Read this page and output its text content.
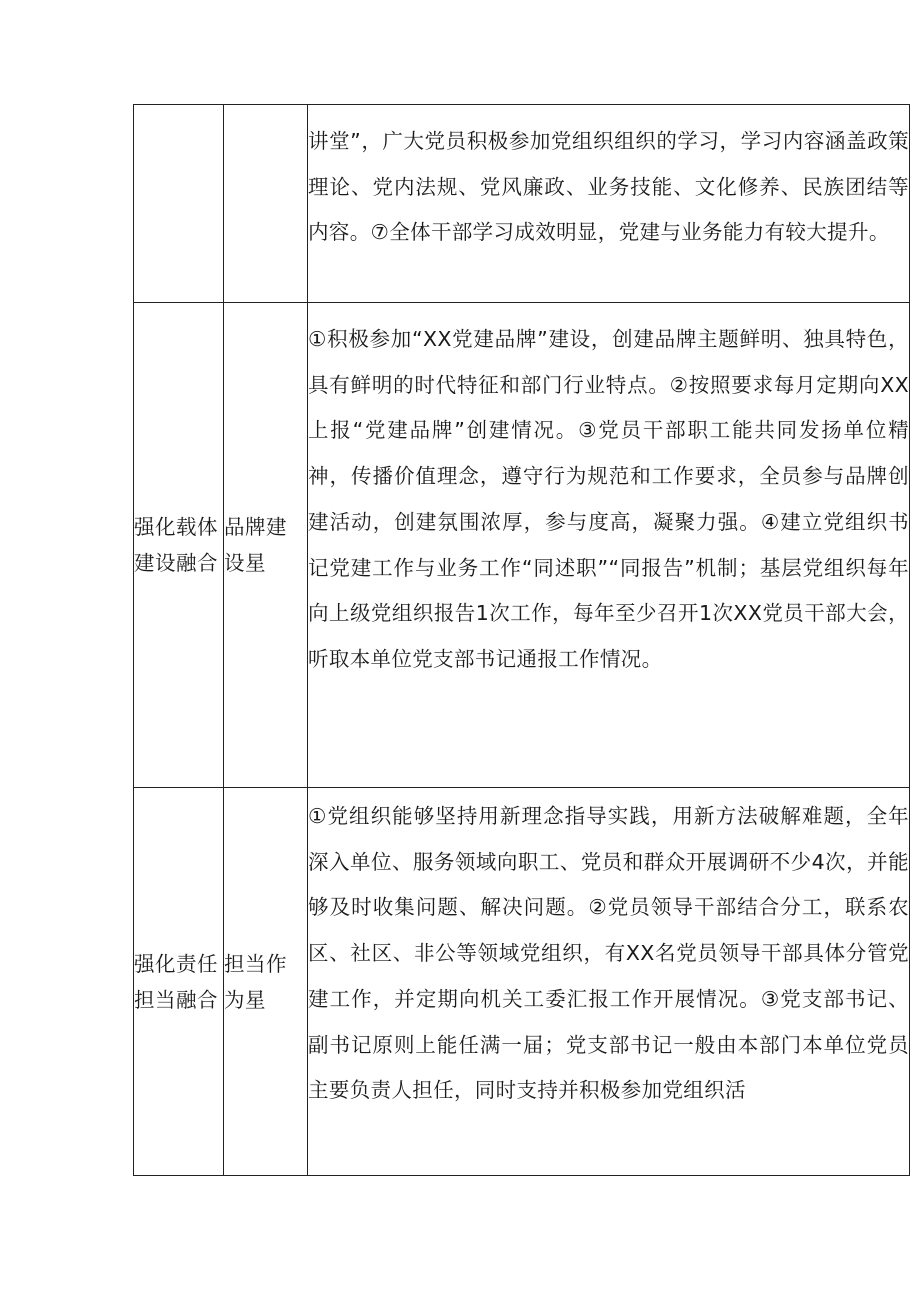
		讲堂”，广大党员积极参加党组织组织的学习，学习内容涵盖政策理论、党内法规、党风廉政、业务技能、文化修养、民族团结等内容。⑦全体干部学习成效明显，党建与业务能力有较大提升。
强化载体建设融合	品牌建设星	①积极参加“XX党建品牌”建设，创建品牌主题鲜明、独具特色，具有鲜明的时代特征和部门行业特点。②按照要求每月定期向XX上报“党建品牌”创建情况。③党员干部职工能共同发扬单位精神，传播价值理念，遵守行为规范和工作要求，全员参与品牌创建活动，创建氛围浓厚，参与度高，凝聚力强。④建立党组织书记党建工作与业务工作“同述职”“同报告”机制；基层党组织每年向上级党组织报告1次工作，每年至少召开1次XX党员干部大会，听取本单位党支部书记通报工作情况。
强化责任担当融合	担当作为星	①党组织能够坚持用新理念指导实践，用新方法破解难题，全年深入单位、服务领域向职工、党员和群众开展调研不少4次，并能够及时收集问题、解决问题。②党员领导干部结合分工，联系农区、社区、非公等领域党组织，有XX名党员领导干部具体分管党建工作，并定期向机关工委汇报工作开展情况。③党支部书记、副书记原则上能任满一届；党支部书记一般由本部门本单位党员主要负责人担任，同时支持并积极参加党组织活
